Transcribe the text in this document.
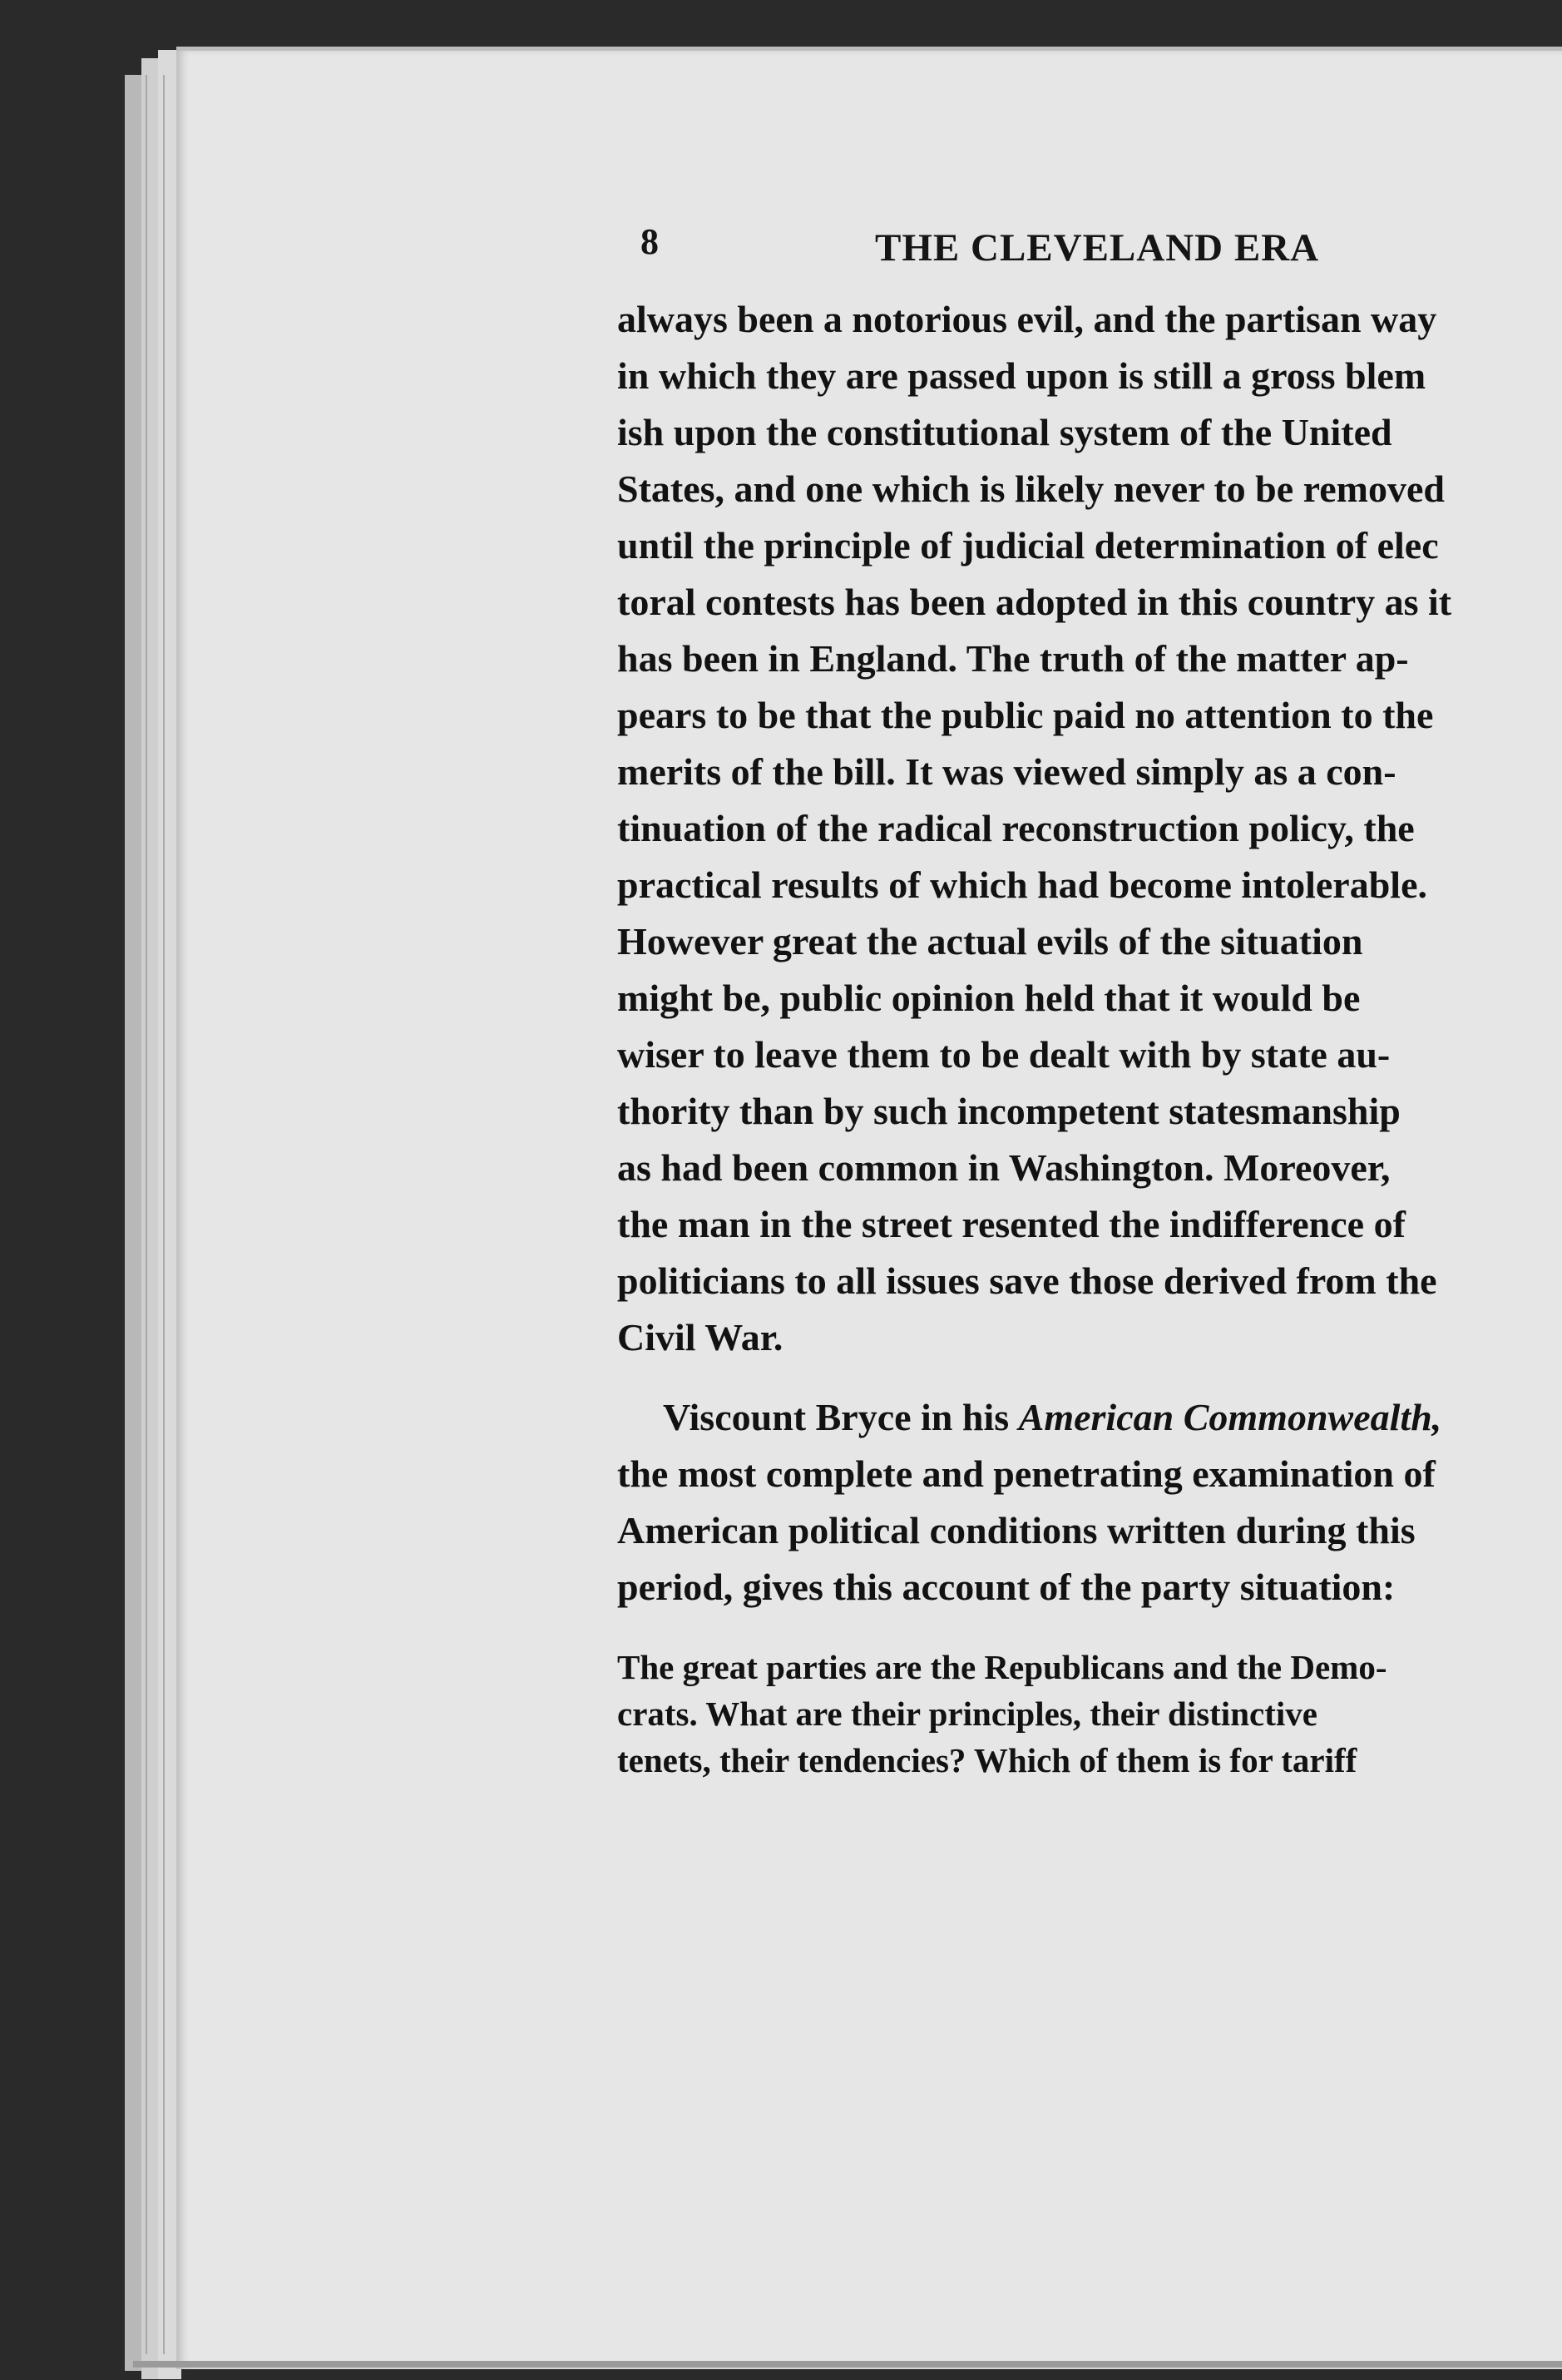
8	THE CLEVELAND ERA
always been a notorious evil, and the partisan way
in which they are passed upon is still a gross blem
ish upon the constitutional system of the United
States, and one which is likely never to be removed
until the principle of judicial determination of elec
toral contests has been adopted in this country as it
has been in England. The truth of the matter ap-
pears to be that the public paid no attention to the
merits of the bill. It was viewed simply as a con-
tinuation of the radical reconstruction policy, the
practical results of which had become intolerable.
However great the actual evils of the situation
might be, public opinion held that it would be
wiser to leave them to be dealt with by state au-
thority than by such incompetent statesmanship
as had been common in Washington. Moreover,
the man in the street resented the indifference of
politicians to all issues save those derived from the
Civil War.
Viscount Bryce in his American Commonwealth,
the most complete and penetrating examination of
American political conditions written during this
period, gives this account of the party situation:
The great parties are the Republicans and the Demo-
crats. What are their principles, their distinctive
tenets, their tendencies? Which of them is for tariff
